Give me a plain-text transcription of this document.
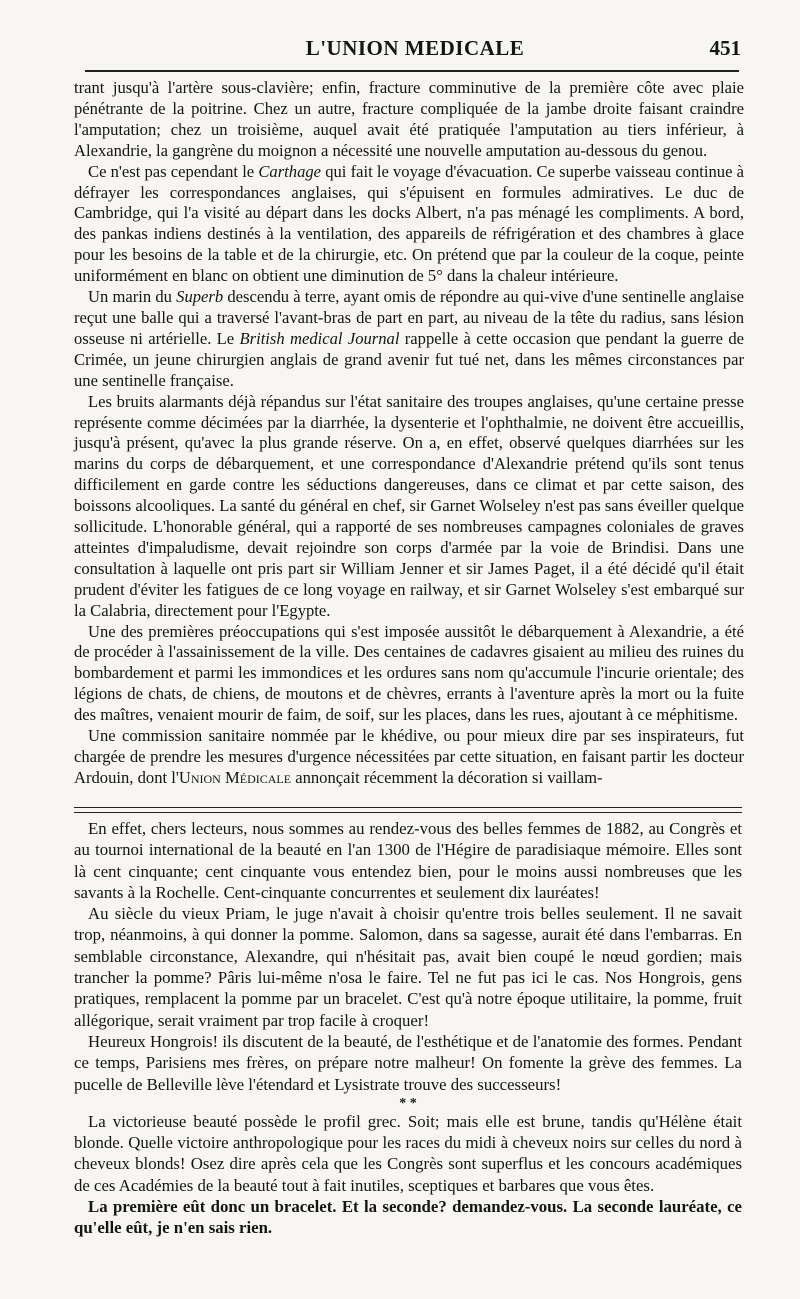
L'UNION MEDICALE	451

trant jusqu'à l'artère sous-clavière; enfin, fracture comminutive de la première côte avec plaie pénétrante de la poitrine. Chez un autre, fracture compliquée de la jambe droite faisant craindre l'amputation; chez un troisième, auquel avait été pratiquée l'amputation au tiers inférieur, à Alexandrie, la gangrène du moignon a nécessité une nouvelle amputation au-dessous du genou.

Ce n'est pas cependant le Carthage qui fait le voyage d'évacuation. Ce superbe vaisseau continue à défrayer les correspondances anglaises, qui s'épuisent en formules admiratives. Le duc de Cambridge, qui l'a visité au départ dans les docks Albert, n'a pas ménagé les compliments. A bord, des pankas indiens destinés à la ventilation, des appareils de réfrigération et des chambres à glace pour les besoins de la table et de la chirurgie, etc. On prétend que par la couleur de la coque, peinte uniformément en blanc on obtient une diminution de 5° dans la chaleur intérieure.

Un marin du Superb descendu à terre, ayant omis de répondre au qui-vive d'une sentinelle anglaise reçut une balle qui a traversé l'avant-bras de part en part, au niveau de la tête du radius, sans lésion osseuse ni artérielle. Le British medical Journal rappelle à cette occasion que pendant la guerre de Crimée, un jeune chirurgien anglais de grand avenir fut tué net, dans les mêmes circonstances par une sentinelle française.

Les bruits alarmants déjà répandus sur l'état sanitaire des troupes anglaises, qu'une certaine presse représente comme décimées par la diarrhée, la dysenterie et l'ophthalmie, ne doivent être accueillis, jusqu'à présent, qu'avec la plus grande réserve. On a, en effet, observé quelques diarrhées sur les marins du corps de débarquement, et une correspondance d'Alexandrie prétend qu'ils sont tenus difficilement en garde contre les séductions dangereuses, dans ce climat et par cette saison, des boissons alcooliques. La santé du général en chef, sir Garnet Wolseley n'est pas sans éveiller quelque sollicitude. L'honorable général, qui a rapporté de ses nombreuses campagnes coloniales de graves atteintes d'impaludisme, devait rejoindre son corps d'armée par la voie de Brindisi. Dans une consultation à laquelle ont pris part sir William Jenner et sir James Paget, il a été décidé qu'il était prudent d'éviter les fatigues de ce long voyage en railway, et sir Garnet Wolseley s'est embarqué sur la Calabria, directement pour l'Egypte.

Une des premières préoccupations qui s'est imposée aussitôt le débarquement à Alexandrie, a été de procéder à l'assainissement de la ville. Des centaines de cadavres gisaient au milieu des ruines du bombardement et parmi les immondices et les ordures sans nom qu'accumule l'incurie orientale; des légions de chats, de chiens, de moutons et de chèvres, errants à l'aventure après la mort ou la fuite des maîtres, venaient mourir de faim, de soif, sur les places, dans les rues, ajoutant à ce méphitisme.

Une commission sanitaire nommée par le khédive, ou pour mieux dire par ses inspirateurs, fut chargée de prendre les mesures d'urgence nécessitées par cette situation, en faisant partir les docteur Ardouin, dont l'Union Médicale annonçait récemment la décoration si vaillam-

En effet, chers lecteurs, nous sommes au rendez-vous des belles femmes de 1882, au Congrès et au tournoi international de la beauté en l'an 1300 de l'Hégire de paradisiaque mémoire. Elles sont là cent cinquante; cent cinquante vous entendez bien, pour le moins aussi nombreuses que les savants à la Rochelle. Cent-cinquante concurrentes et seulement dix lauréates!

Au siècle du vieux Priam, le juge n'avait à choisir qu'entre trois belles seulement. Il ne savait trop, néanmoins, à qui donner la pomme. Salomon, dans sa sagesse, aurait été dans l'embarras. En semblable circonstance, Alexandre, qui n'hésitait pas, avait bien coupé le nœud gordien; mais trancher la pomme? Pâris lui-même n'osa le faire. Tel ne fut pas ici le cas. Nos Hongrois, gens pratiques, remplacent la pomme par un bracelet. C'est qu'à notre époque utilitaire, la pomme, fruit allégorique, serait vraiment par trop facile à croquer!

Heureux Hongrois! ils discutent de la beauté, de l'esthétique et de l'anatomie des formes. Pendant ce temps, Parisiens mes frères, on prépare notre malheur! On fomente la grève des femmes. La pucelle de Belleville lève l'étendard et Lysistrate trouve des successeurs!

* *

La victorieuse beauté possède le profil grec. Soit; mais elle est brune, tandis qu'Hélène était blonde. Quelle victoire anthropologique pour les races du midi à cheveux noirs sur celles du nord à cheveux blonds! Osez dire après cela que les Congrès sont superflus et les concours académiques de ces Académies de la beauté tout à fait inutiles, sceptiques et barbares que vous êtes.

La première eût donc un bracelet. Et la seconde? demandez-vous. La seconde lauréate, ce qu'elle eût, je n'en sais rien.
